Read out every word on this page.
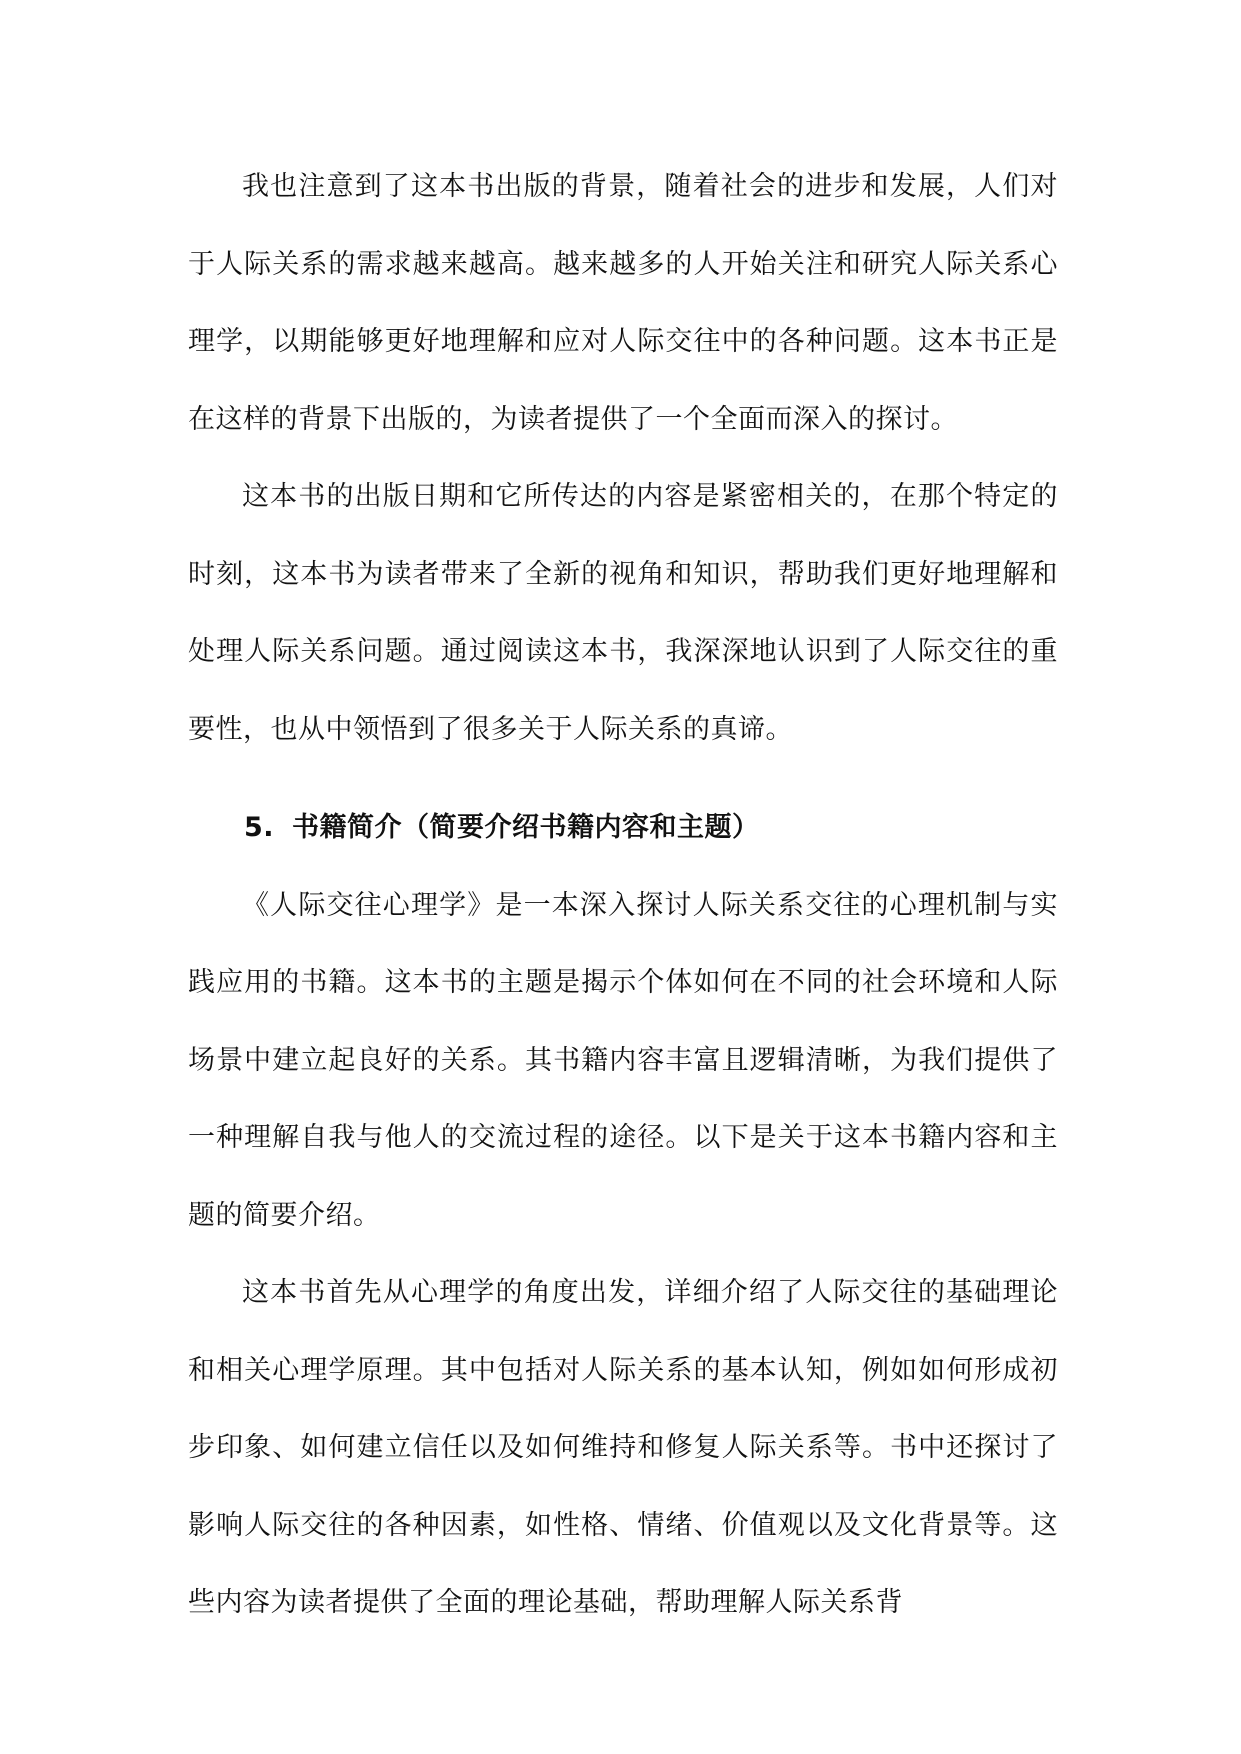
我也注意到了这本书出版的背景，随着社会的进步和发展，人们对于人际关系的需求越来越高。越来越多的人开始关注和研究人际关系心理学，以期能够更好地理解和应对人际交往中的各种问题。这本书正是在这样的背景下出版的，为读者提供了一个全面而深入的探讨。

这本书的出版日期和它所传达的内容是紧密相关的，在那个特定的时刻，这本书为读者带来了全新的视角和知识，帮助我们更好地理解和处理人际关系问题。通过阅读这本书，我深深地认识到了人际交往的重要性，也从中领悟到了很多关于人际关系的真谛。

5. 书籍简介（简要介绍书籍内容和主题）

《人际交往心理学》是一本深入探讨人际关系交往的心理机制与实践应用的书籍。这本书的主题是揭示个体如何在不同的社会环境和人际场景中建立起良好的关系。其书籍内容丰富且逻辑清晰，为我们提供了一种理解自我与他人的交流过程的途径。以下是关于这本书籍内容和主题的简要介绍。

这本书首先从心理学的角度出发，详细介绍了人际交往的基础理论和相关心理学原理。其中包括对人际关系的基本认知，例如如何形成初步印象、如何建立信任以及如何维持和修复人际关系等。书中还探讨了影响人际交往的各种因素，如性格、情绪、价值观以及文化背景等。这些内容为读者提供了全面的理论基础，帮助理解人际关系背
